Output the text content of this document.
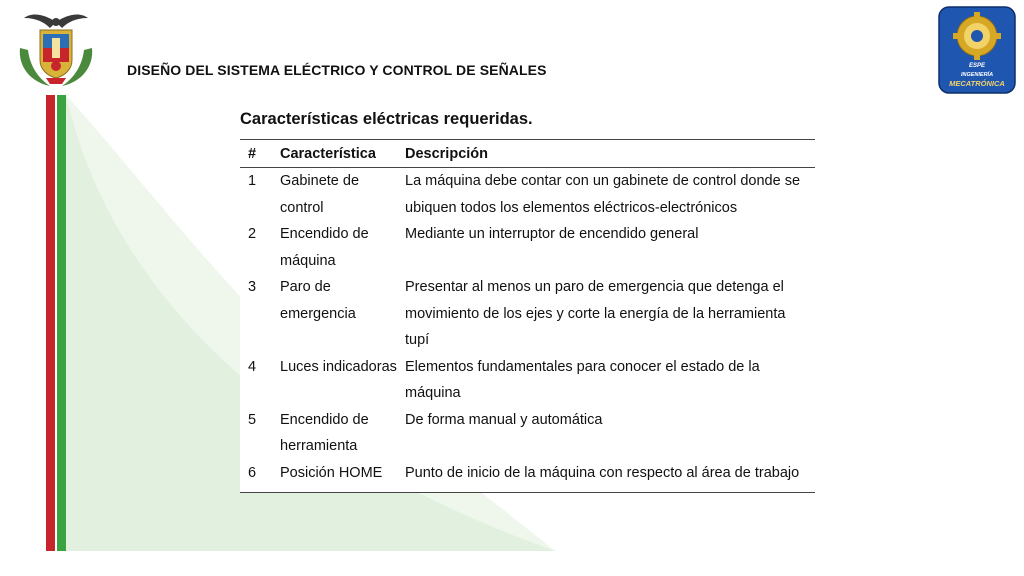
ESPE
INGENIERÍA
MECATRÓNICA
DISEÑO DEL SISTEMA ELÉCTRICO Y CONTROL DE SEÑALES
Características eléctricas requeridas.
#	Característica	Descripción
1	Gabinete de control	La máquina debe contar con un gabinete de control donde se ubiquen todos los elementos eléctricos-electrónicos
2	Encendido de máquina	Mediante un interruptor de encendido general
3	Paro de emergencia	Presentar al menos un paro de emergencia que detenga el movimiento de los ejes y corte la energía de la herramienta tupí
4	Luces indicadoras	Elementos fundamentales para conocer el estado de la máquina
5	Encendido de herramienta	De forma manual y automática
6	Posición HOME	Punto de inicio de la máquina con respecto al área de trabajo
